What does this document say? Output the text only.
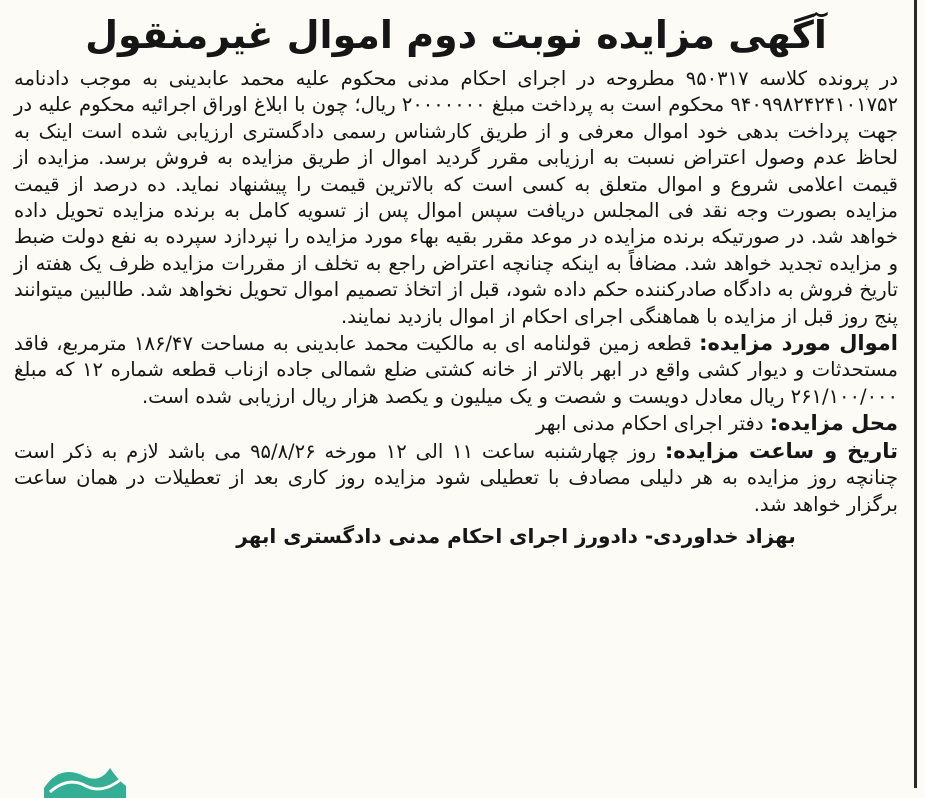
آگهی مزایده نوبت دوم اموال غیرمنقول

در پرونده کلاسه ۹۵۰۳۱۷ مطروحه در اجرای احکام مدنی محکوم علیه محمد عابدینی به موجب دادنامه ۹۴۰۹۹۸۲۴۲۴۱۰۱۷۵۲ محکوم است به پرداخت مبلغ ۲۰۰۰۰۰۰۰ ریال؛ چون با ابلاغ اوراق اجرائیه محکوم علیه در جهت پرداخت بدهی خود اموال معرفی و از طریق کارشناس رسمی دادگستری ارزیابی شده است اینک به لحاظ عدم وصول اعتراض نسبت به ارزیابی مقرر گردید اموال از طریق مزایده به فروش برسد. مزایده از قیمت اعلامی شروع و اموال متعلق به کسی است که بالاترین قیمت را پیشنهاد نماید. ده درصد از قیمت مزایده بصورت وجه نقد فی المجلس دریافت سپس اموال پس از تسویه کامل به برنده مزایده تحویل داده خواهد شد. در صورتیکه برنده مزایده در موعد مقرر بقیه بهاء مورد مزایده را نپردازد سپرده به نفع دولت ضبط و مزایده تجدید خواهد شد. مضافاً به اینکه چنانچه اعتراض راجع به تخلف از مقررات مزایده ظرف یک هفته از تاریخ فروش به دادگاه صادرکننده حکم داده شود، قبل از اتخاذ تصمیم اموال تحویل نخواهد شد. طالبین میتوانند پنج روز قبل از مزایده با هماهنگی اجرای احکام از اموال بازدید نمایند.

اموال مورد مزایده: قطعه زمین قولنامه ای به مالکیت محمد عابدینی به مساحت ۱۸۶/۴۷ مترمربع، فاقد مستحدثات و دیوار کشی واقع در ابهر بالاتر از خانه کشتی ضلع شمالی جاده ازناب قطعه شماره ۱۲ که مبلغ ۲۶۱/۱۰۰/۰۰۰ ریال معادل دویست و شصت و یک میلیون و یکصد هزار ریال ارزیابی شده است.

محل مزایده: دفتر اجرای احکام مدنی ابهر

تاریخ و ساعت مزایده: روز چهارشنبه ساعت ۱۱ الی ۱۲ مورخه ۹۵/۸/۲۶ می باشد لازم به ذکر است چنانچه روز مزایده به هر دلیلی مصادف با تعطیلی شود مزایده روز کاری بعد از تعطیلات در همان ساعت برگزار خواهد شد.

بهزاد خداوردی- دادورز اجرای احکام مدنی دادگستری ابهر
